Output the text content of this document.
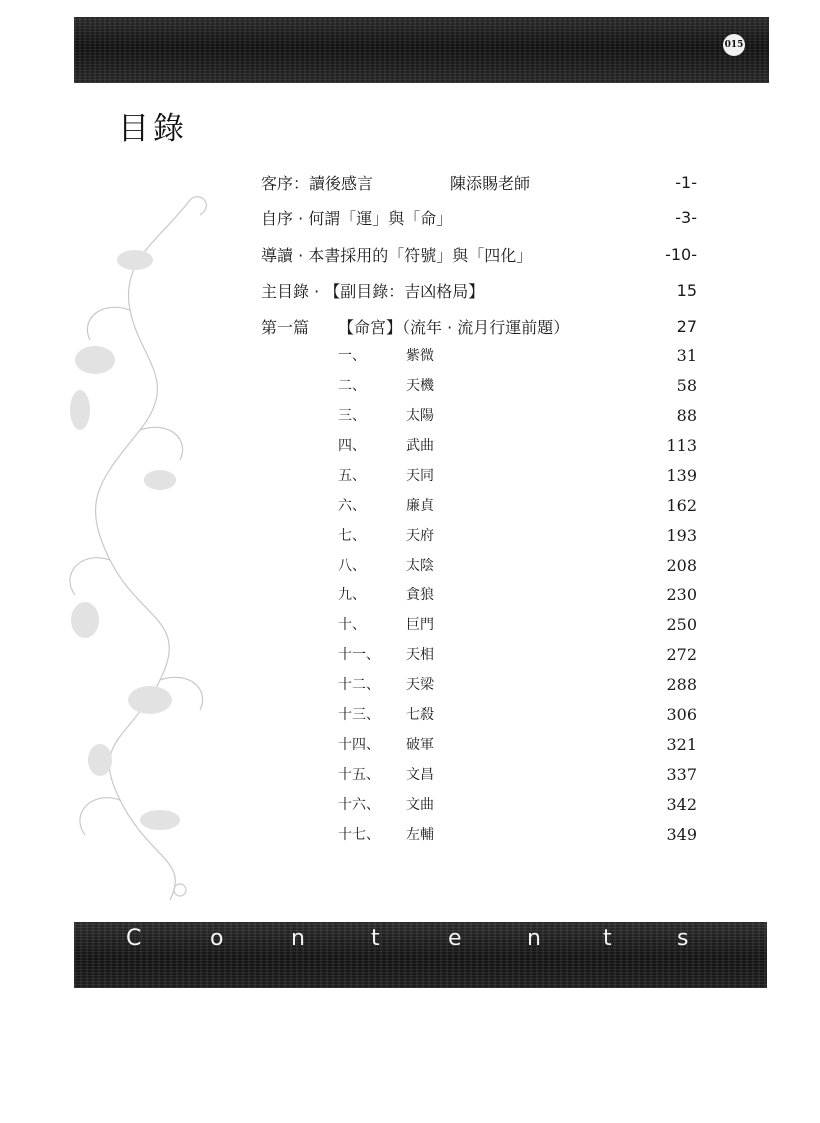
015
目錄
客序：讀後感言	陳添賜老師	-1-
自序 · 何謂「運」與「命」	-3-
導讀 · 本書採用的「符號」與「四化」	-10-
主目錄 · 【副目錄：吉凶格局】	15
第一篇 【命宮】（流年 · 流月行運前題）	27
一、	紫微	31
二、	天機	58
三、	太陽	88
四、	武曲	113
五、	天同	139
六、	廉貞	162
七、	天府	193
八、	太陰	208
九、	貪狼	230
十、	巨門	250
十一、 天相	272
十二、 天梁	288
十三、 七殺	306
十四、 破軍	321
十五、 文昌	337
十六、 文曲	342
十七、 左輔	349
C	o	n	t	e	n	t	s
